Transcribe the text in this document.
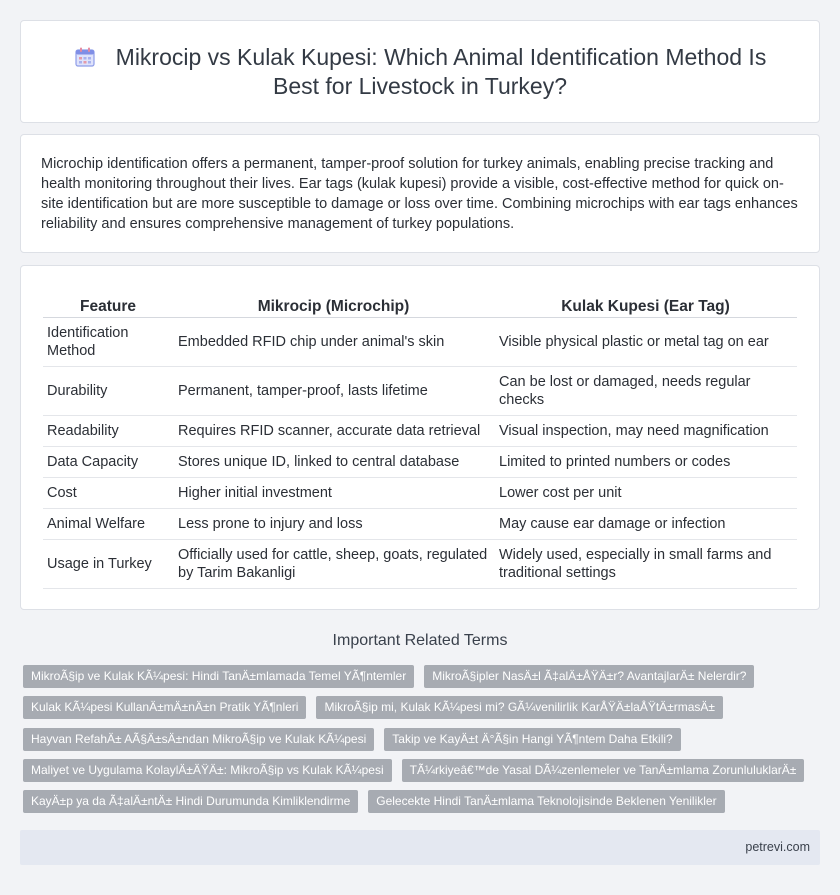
Mikrocip vs Kulak Kupesi: Which Animal Identification Method Is Best for Livestock in Turkey?

Microchip identification offers a permanent, tamper-proof solution for turkey animals, enabling precise tracking and health monitoring throughout their lives. Ear tags (kulak kupesi) provide a visible, cost-effective method for quick on-site identification but are more susceptible to damage or loss over time. Combining microchips with ear tags enhances reliability and ensures comprehensive management of turkey populations.

Feature	Mikrocip (Microchip)	Kulak Kupesi (Ear Tag)
Identification Method	Embedded RFID chip under animal's skin	Visible physical plastic or metal tag on ear
Durability	Permanent, tamper-proof, lasts lifetime	Can be lost or damaged, needs regular checks
Readability	Requires RFID scanner, accurate data retrieval	Visual inspection, may need magnification
Data Capacity	Stores unique ID, linked to central database	Limited to printed numbers or codes
Cost	Higher initial investment	Lower cost per unit
Animal Welfare	Less prone to injury and loss	May cause ear damage or infection
Usage in Turkey	Officially used for cattle, sheep, goats, regulated by Tarim Bakanligi	Widely used, especially in small farms and traditional settings
Important Related Terms
MikroÃ§ip ve Kulak KÃ¼pesi: Hindi TanÄ±mlamada Temel YÃ¶ntemler	MikroÃ§ipler NasÄ±l Ã‡alÄ±ÅŸÄ±r? AvantajlarÄ± Nelerdir?
Kulak KÃ¼pesi KullanÄ±mÄ±nÄ±n Pratik YÃ¶nleri	MikroÃ§ip mi, Kulak KÃ¼pesi mi? GÃ¼venilirlik KarÅŸÄ±laÅŸtÄ±rmasÄ±
Hayvan RefahÄ± AÃ§Ä±sÄ±ndan MikroÃ§ip ve Kulak KÃ¼pesi	Takip ve KayÄ±t Ä°Ã§in Hangi YÃ¶ntem Daha Etkili?
Maliyet ve Uygulama KolaylÄ±ÄŸÄ±: MikroÃ§ip vs Kulak KÃ¼pesi	TÃ¼rkiyeâ€™de Yasal DÃ¼zenlemeler ve TanÄ±mlama ZorunluluklarÄ±
KayÄ±p ya da Ã‡alÄ±ntÄ± Hindi Durumunda Kimliklendirme	Gelecekte Hindi TanÄ±mlama Teknolojisinde Beklenen Yenilikler
petrevi.com
